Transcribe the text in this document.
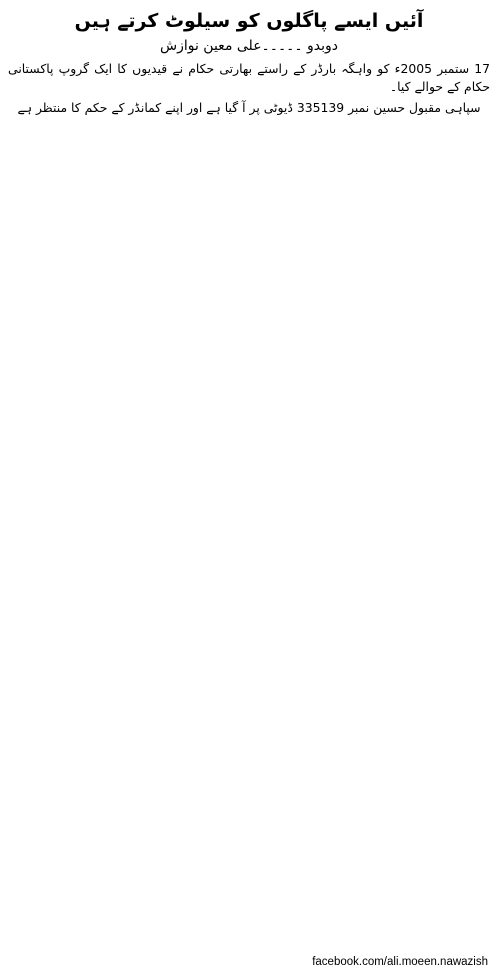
آئیں ایسے پاگلوں کو سیلوٹ کرتے ہیں
دوبدو ۔۔۔۔۔علی معین نوازش

17 ستمبر 2005ء کو واہگہ بارڈر کے راستے بھارتی حکام نے قیدیوں کا ایک گروپ پاکستانی حکام کے حوالے کیا۔

سپاہی مقبول حسین نمبر 335139 ڈیوٹی پر آ گیا ہے اور اپنے کمانڈر کے حکم کا منتظر ہے

facebook.com/ali.moeen.nawazish
